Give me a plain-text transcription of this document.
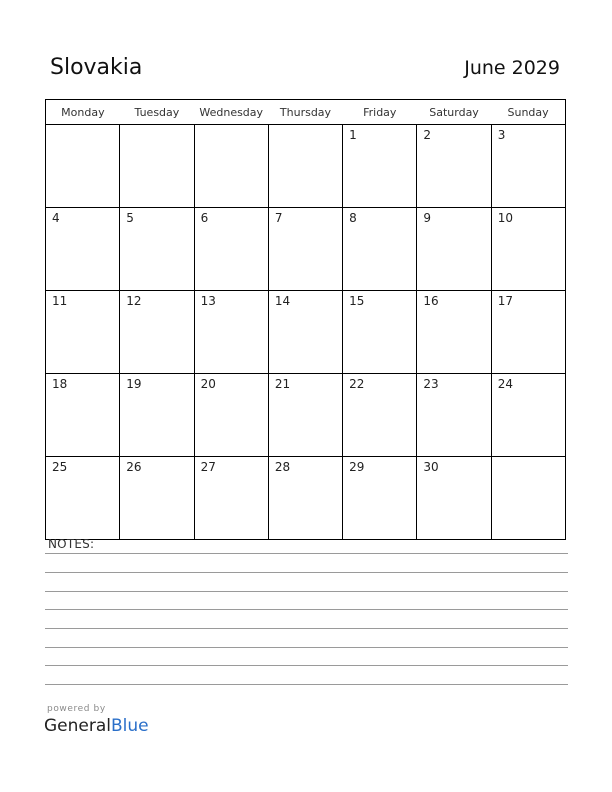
Slovakia	June 2029
Monday	Tuesday	Wednesday	Thursday	Friday	Saturday	Sunday
				1	2	3
4	5	6	7	8	9	10
11	12	13	14	15	16	17
18	19	20	21	22	23	24
25	26	27	28	29	30	
NOTES:
powered by
GeneralBlue
